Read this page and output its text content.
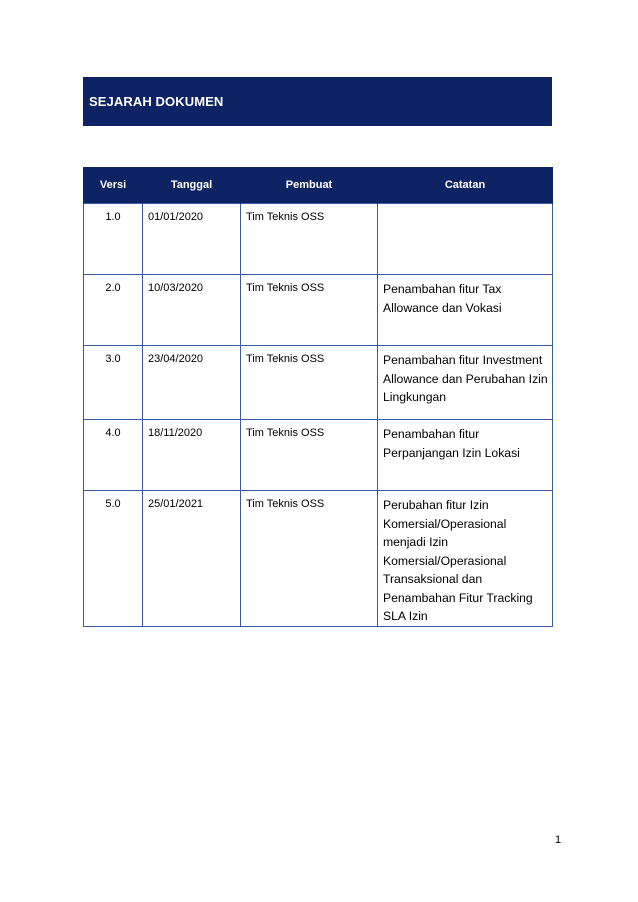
SEJARAH DOKUMEN
Versi	Tanggal	Pembuat	Catatan
1.0	01/01/2020	Tim Teknis OSS	
2.0	10/03/2020	Tim Teknis OSS	Penambahan fitur Tax Allowance dan Vokasi
3.0	23/04/2020	Tim Teknis OSS	Penambahan fitur Investment Allowance dan Perubahan Izin Lingkungan
4.0	18/11/2020	Tim Teknis OSS	Penambahan fitur Perpanjangan Izin Lokasi
5.0	25/01/2021	Tim Teknis OSS	Perubahan fitur Izin Komersial/Operasional menjadi Izin Komersial/Operasional Transaksional dan Penambahan Fitur Tracking SLA Izin
1
